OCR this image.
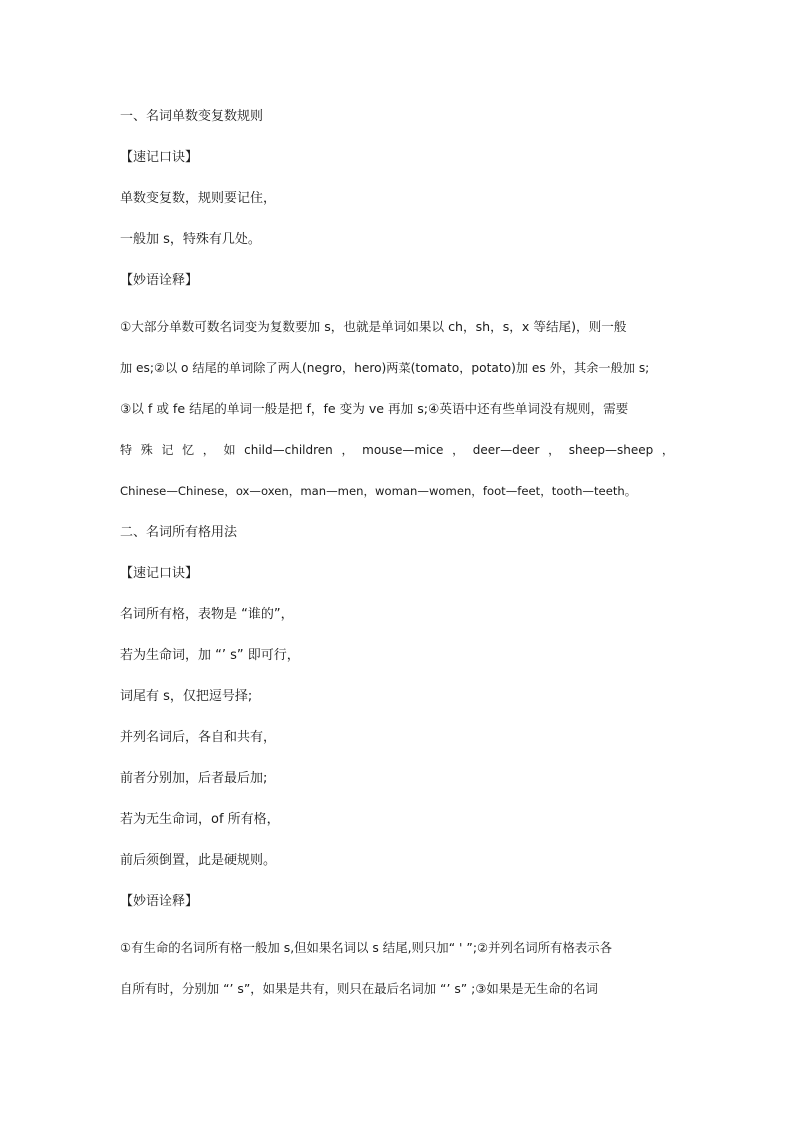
一、名词单数变复数规则
【速记口诀】
单数变复数，规则要记住，
一般加 s，特殊有几处。
【妙语诠释】
①大部分单数可数名词变为复数要加 s，也就是单词如果以 ch，sh，s，x 等结尾)，则一般
加 es;②以 o 结尾的单词除了两人(negro，hero)两菜(tomato，potato)加 es 外，其余一般加 s;
③以 f 或 fe 结尾的单词一般是把 f，fe 变为 ve 再加 s;④英语中还有些单词没有规则，需要
特 殊 记 忆 ， 如 child—children ， mouse—mice ， deer—deer ， sheep—sheep ，
Chinese—Chinese，ox—oxen，man—men，woman—women，foot—feet，tooth—teeth。
二、名词所有格用法
【速记口诀】
名词所有格，表物是 “谁的”，
若为生命词，加 “’ s” 即可行，
词尾有 s，仅把逗号择;
并列名词后，各自和共有，
前者分别加，后者最后加;
若为无生命词，of 所有格，
前后须倒置，此是硬规则。
【妙语诠释】
①有生命的名词所有格一般加 s,但如果名词以 s 结尾,则只加“ ' ”;②并列名词所有格表示各
自所有时，分别加 “’ s”，如果是共有，则只在最后名词加 “’ s” ;③如果是无生命的名词
